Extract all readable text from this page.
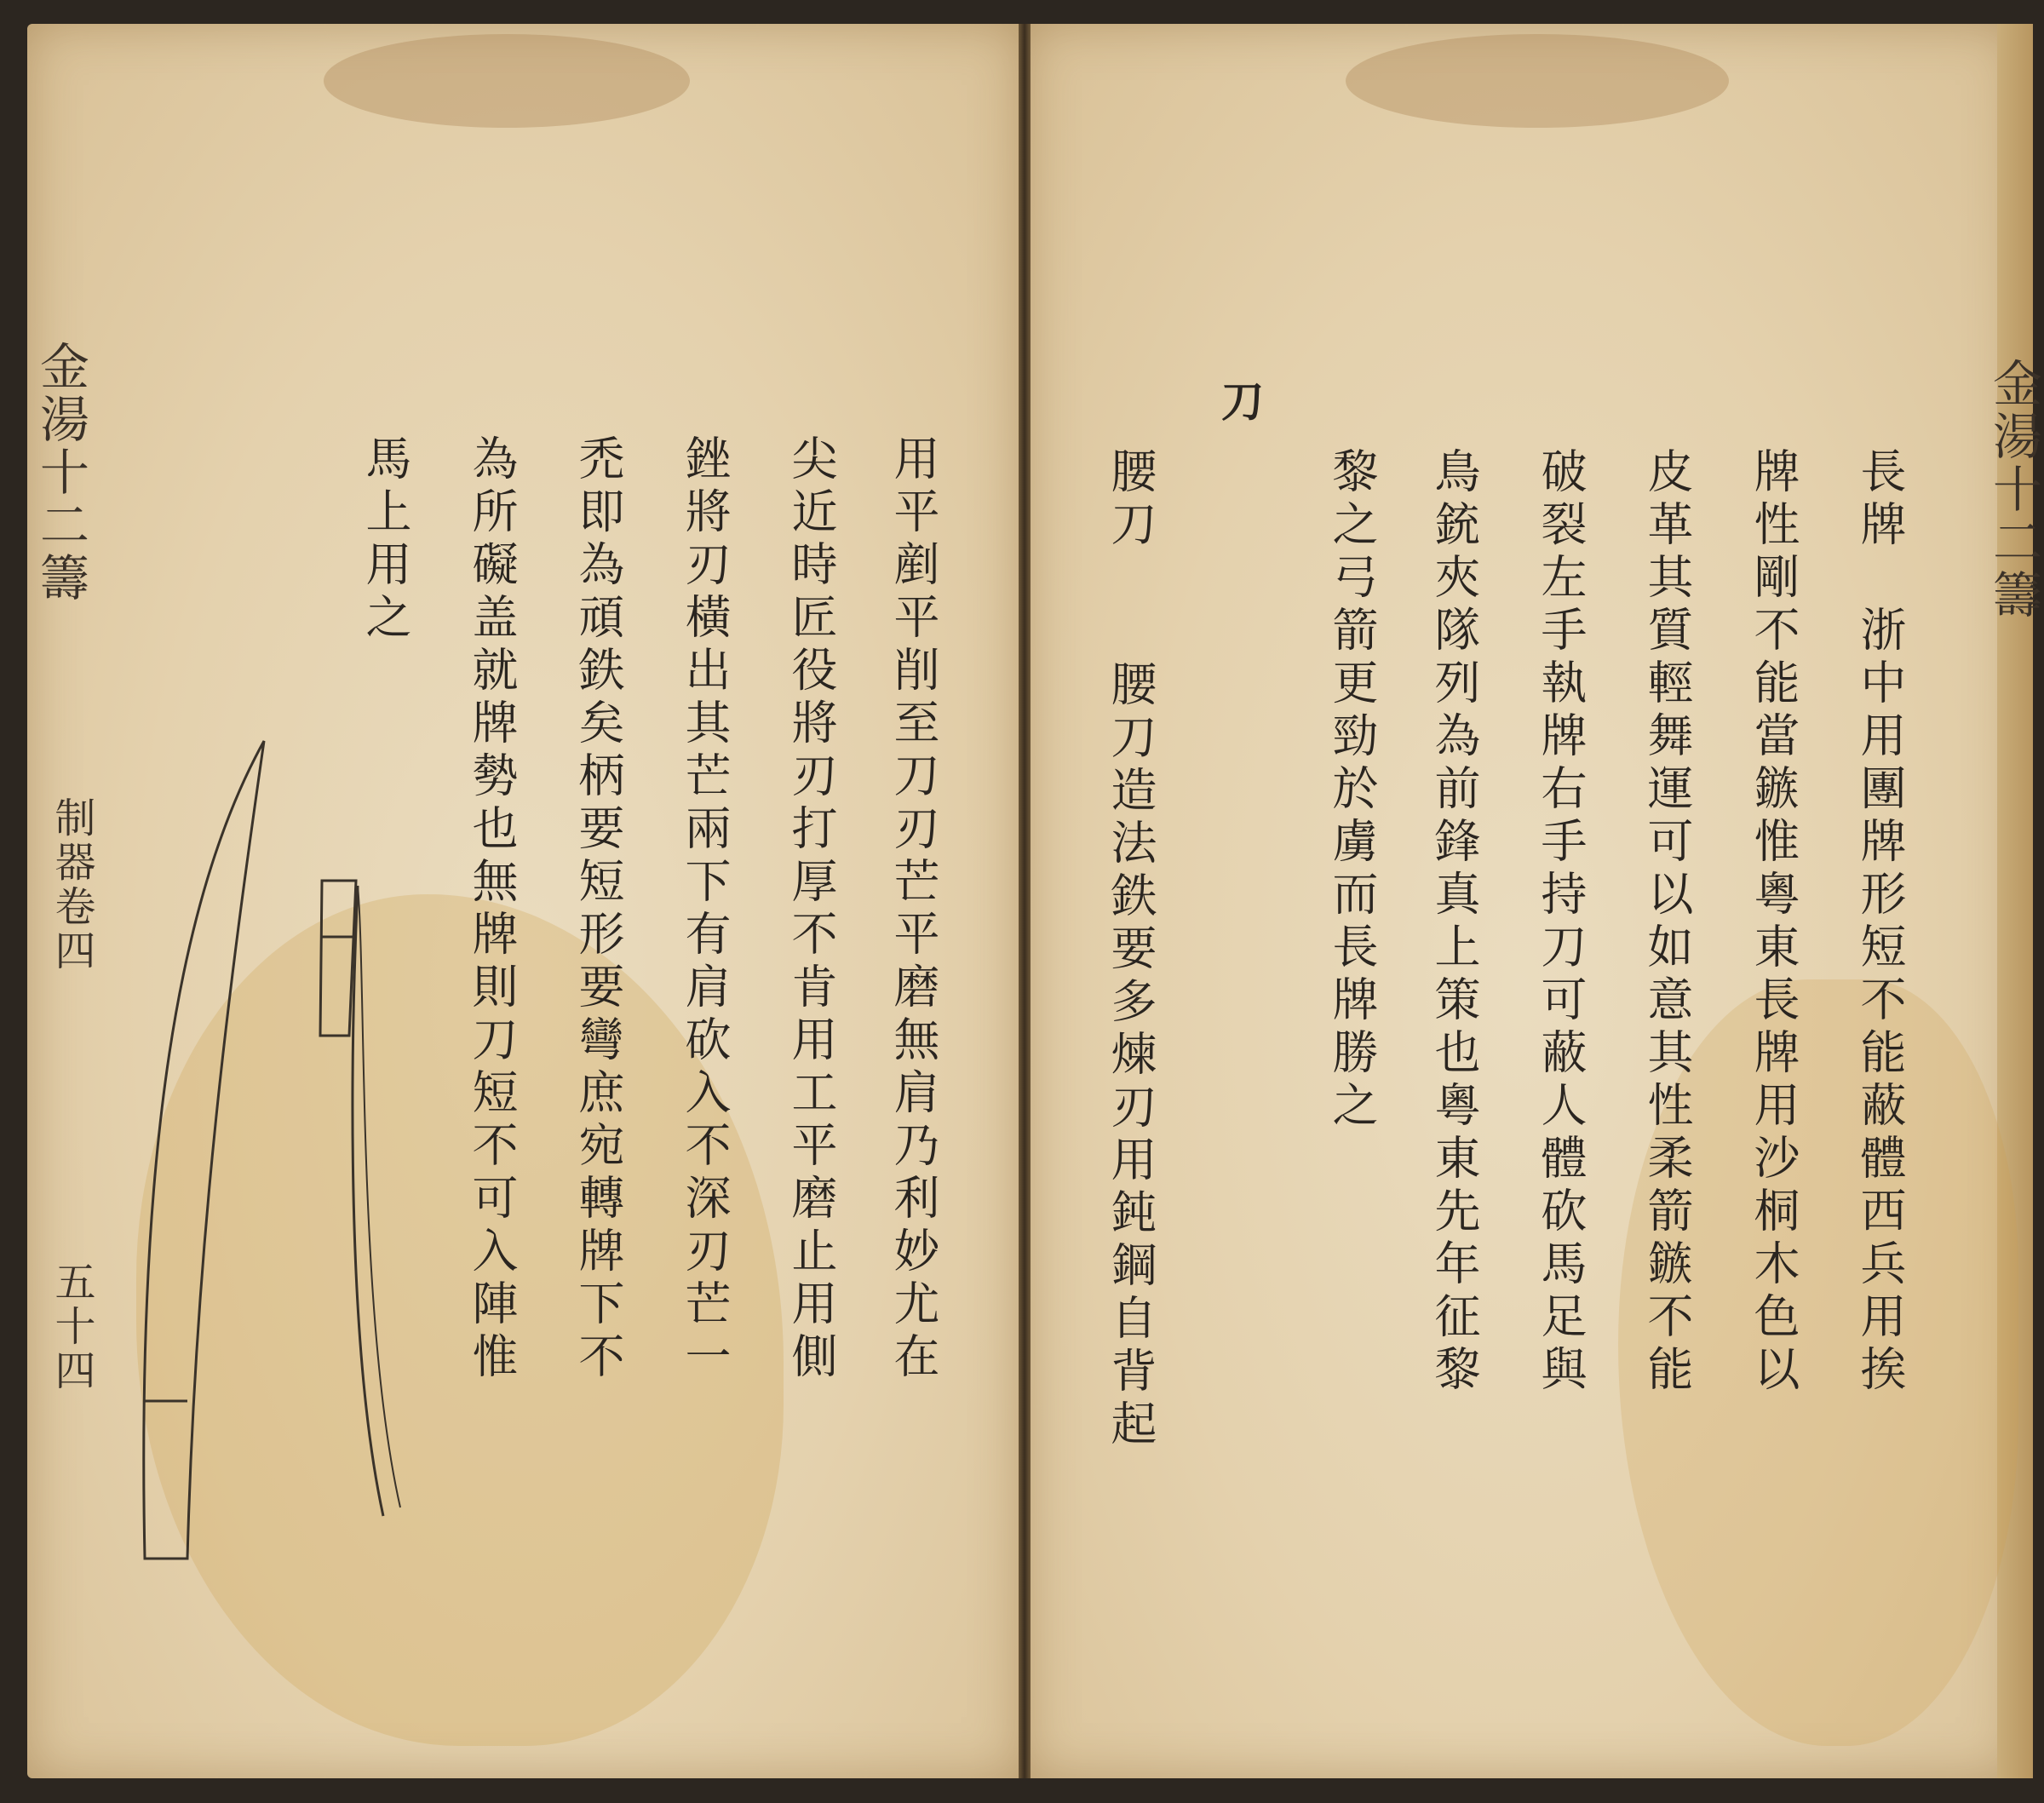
金湯十二籌
長牌　浙中用團牌形短不能蔽體西兵用挨
牌性剛不能當鏃惟粵東長牌用沙桐木色以
皮革其質輕舞運可以如意其性柔箭鏃不能
破裂左手執牌右手持刀可蔽人體砍馬足與
鳥銃夾隊列為前鋒真上策也粵東先年征黎
黎之弓箭更勁於虜而長牌勝之
刀
腰刀
腰刀造法鉄要多煉刃用鈍鋼自背起
用平剷平削至刀刃芒平磨無肩乃利妙尤在
尖近時匠役將刃打厚不肯用工平磨止用側
銼將刃橫出其芒兩下有肩砍入不深刃芒一
禿即為頑鉄矣柄要短形要彎庶宛轉牌下不
為所礙盖就牌勢也無牌則刀短不可入陣惟
馬上用之
金湯十二籌
制器卷四
五十四
